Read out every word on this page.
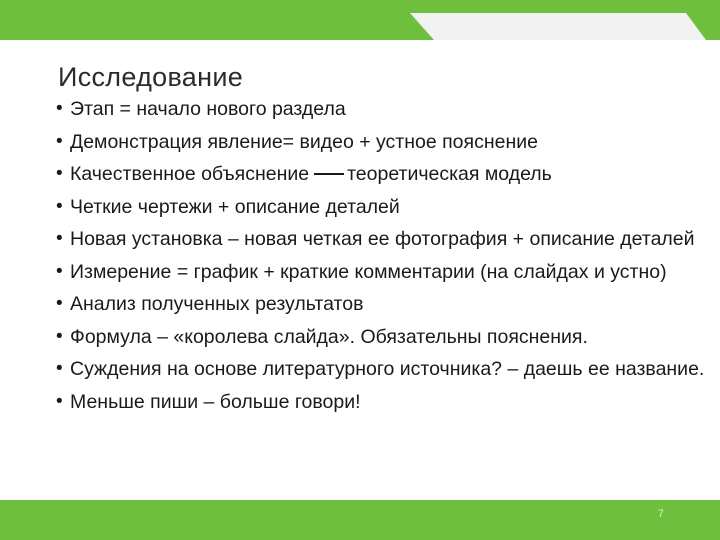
Исследование
• Этап = начало нового раздела
• Демонстрация явление= видео + устное пояснение
• Качественное объяснение теоретическая модель
• Четкие чертежи + описание деталей
• Новая установка – новая четкая ее фотография + описание деталей
• Измерение = график + краткие комментарии (на слайдах и устно)
• Анализ полученных результатов
• Формула – «королева слайда». Обязательны пояснения.
• Суждения на основе литературного источника? – даешь ее название.
• Меньше пиши – больше говори!
7
